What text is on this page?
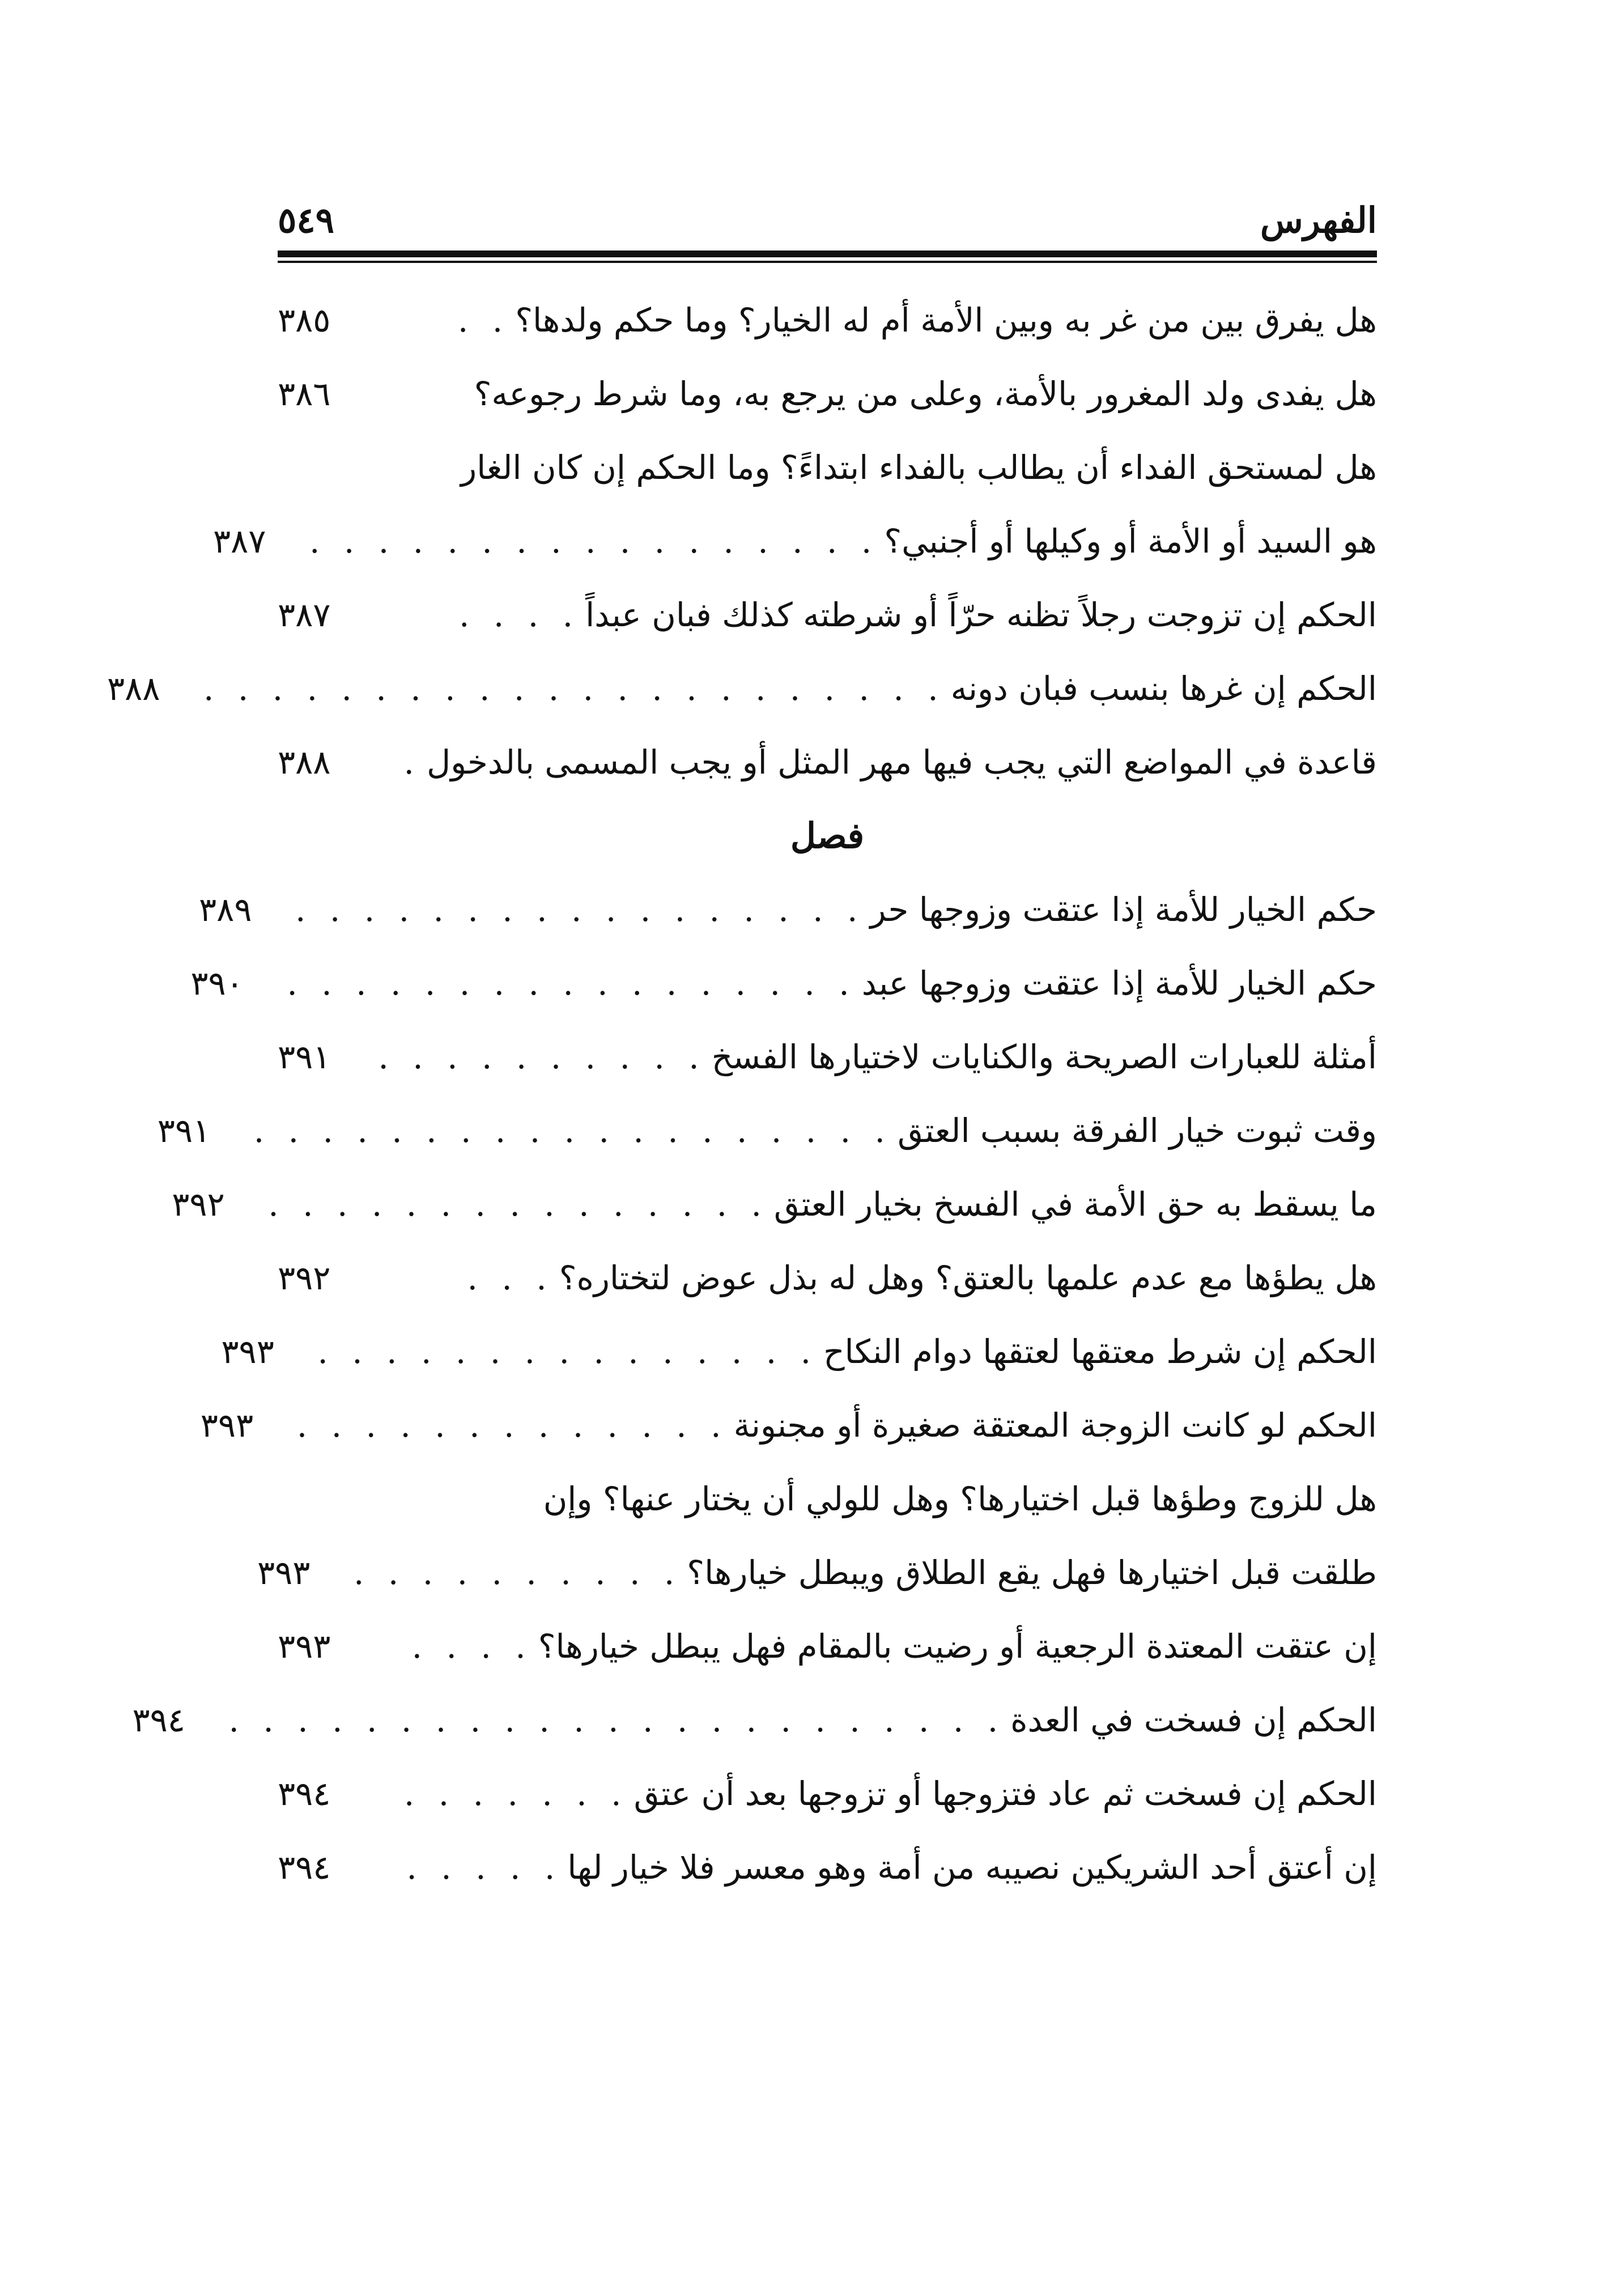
الفهرس
٥٤٩
هل يفرق بين من غر به وبين الأمة أم له الخيار؟ وما حكم ولدها؟
. .
٣٨٥
هل يفدى ولد المغرور بالأمة، وعلى من يرجع به، وما شرط رجوعه؟
٣٨٦
هل لمستحق الفداء أن يطالب بالفداء ابتداءً؟ وما الحكم إن كان الغار
هو السيد أو الأمة أو وكيلها أو أجنبي؟
. . . . . . . . . . . . . . . . .
٣٨٧
الحكم إن تزوجت رجلاً تظنه حرّاً أو شرطته كذلك فبان عبداً
. . . .
٣٨٧
الحكم إن غرها بنسب فبان دونه
. . . . . . . . . . . . . . . . . . . . . .
٣٨٨
قاعدة في المواضع التي يجب فيها مهر المثل أو يجب المسمى بالدخول
.
٣٨٨
فصل
حكم الخيار للأمة إذا عتقت وزوجها حر
. . . . . . . . . . . . . . . . .
٣٨٩
حكم الخيار للأمة إذا عتقت وزوجها عبد
. . . . . . . . . . . . . . . . .
٣٩٠
أمثلة للعبارات الصريحة والكنايات لاختيارها الفسخ
. . . . . . . . . .
٣٩١
وقت ثبوت خيار الفرقة بسبب العتق
. . . . . . . . . . . . . . . . . . .
٣٩١
ما يسقط به حق الأمة في الفسخ بخيار العتق
. . . . . . . . . . . . . . .
٣٩٢
هل يطؤها مع عدم علمها بالعتق؟ وهل له بذل عوض لتختاره؟
. . .
٣٩٢
الحكم إن شرط معتقها لعتقها دوام النكاح
. . . . . . . . . . . . . . .
٣٩٣
الحكم لو كانت الزوجة المعتقة صغيرة أو مجنونة
. . . . . . . . . . . . .
٣٩٣
هل للزوج وطؤها قبل اختيارها؟ وهل للولي أن يختار عنها؟ وإن
طلقت قبل اختيارها فهل يقع الطلاق ويبطل خيارها؟
. . . . . . . . . .
٣٩٣
إن عتقت المعتدة الرجعية أو رضيت بالمقام فهل يبطل خيارها؟
. . . .
٣٩٣
الحكم إن فسخت في العدة
. . . . . . . . . . . . . . . . . . . . . . .
٣٩٤
الحكم إن فسخت ثم عاد فتزوجها أو تزوجها بعد أن عتق
. . . . . . .
٣٩٤
إن أعتق أحد الشريكين نصيبه من أمة وهو معسر فلا خيار لها
. . . . .
٣٩٤
